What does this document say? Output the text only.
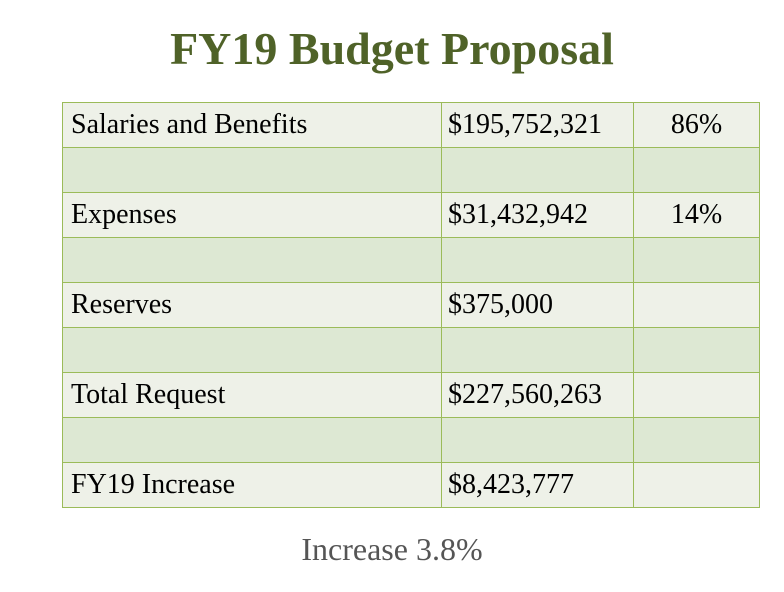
FY19 Budget Proposal
Salaries and Benefits	$195,752,321	86%

Expenses	$31,432,942	14%

Reserves	$375,000	

Total Request	$227,560,263	

FY19 Increase	$8,423,777	
Increase 3.8%
